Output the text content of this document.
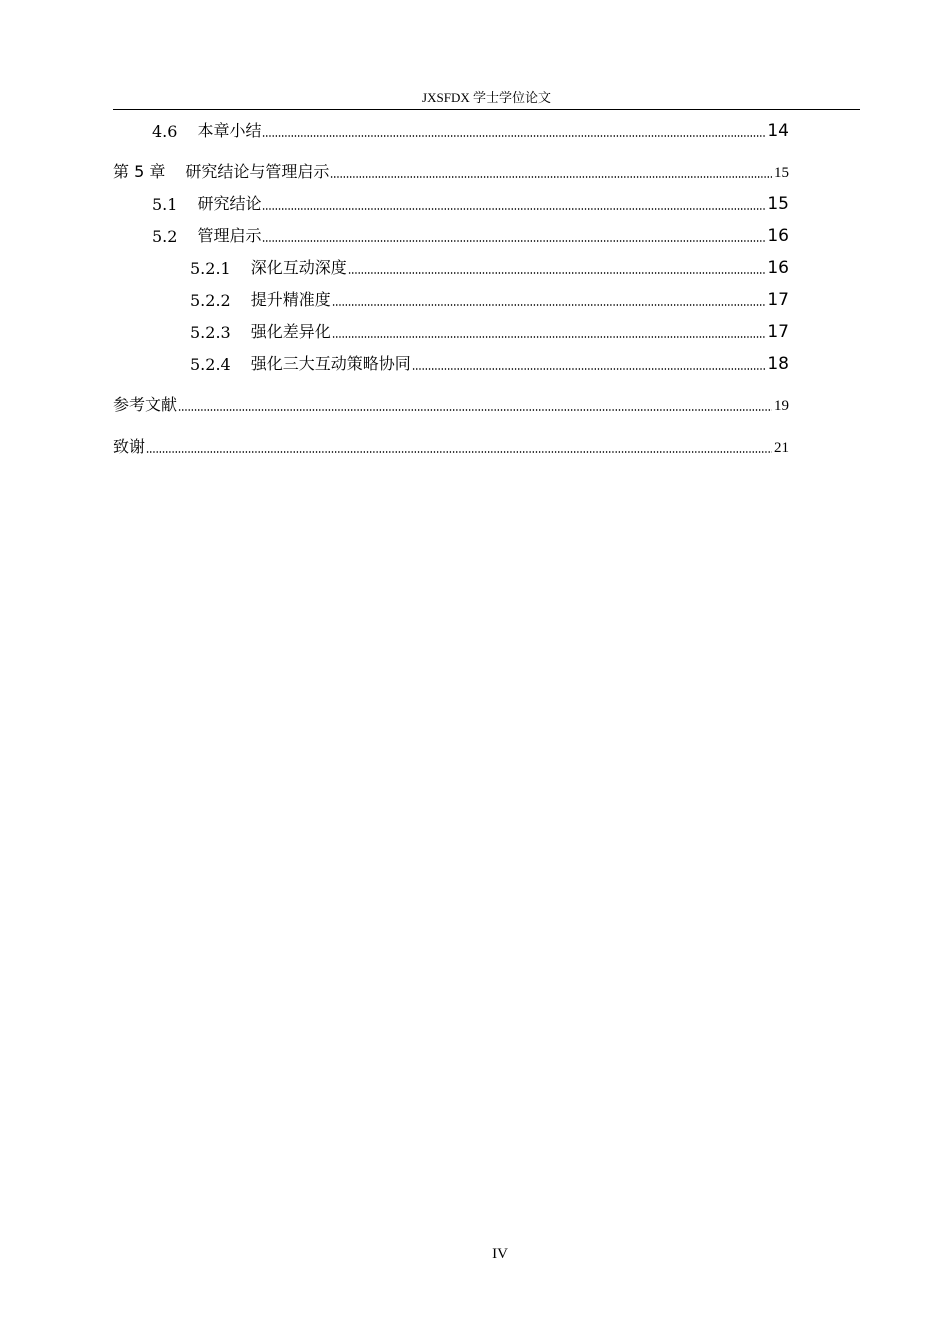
JXSFDX 学士学位论文
4.6 本章小结	14
第 5 章 研究结论与管理启示	15
5.1 研究结论	15
5.2 管理启示	16
5.2.1 深化互动深度	16
5.2.2 提升精准度	17
5.2.3 强化差异化	17
5.2.4 强化三大互动策略协同	18
参考文献	19
致谢	21
IV
